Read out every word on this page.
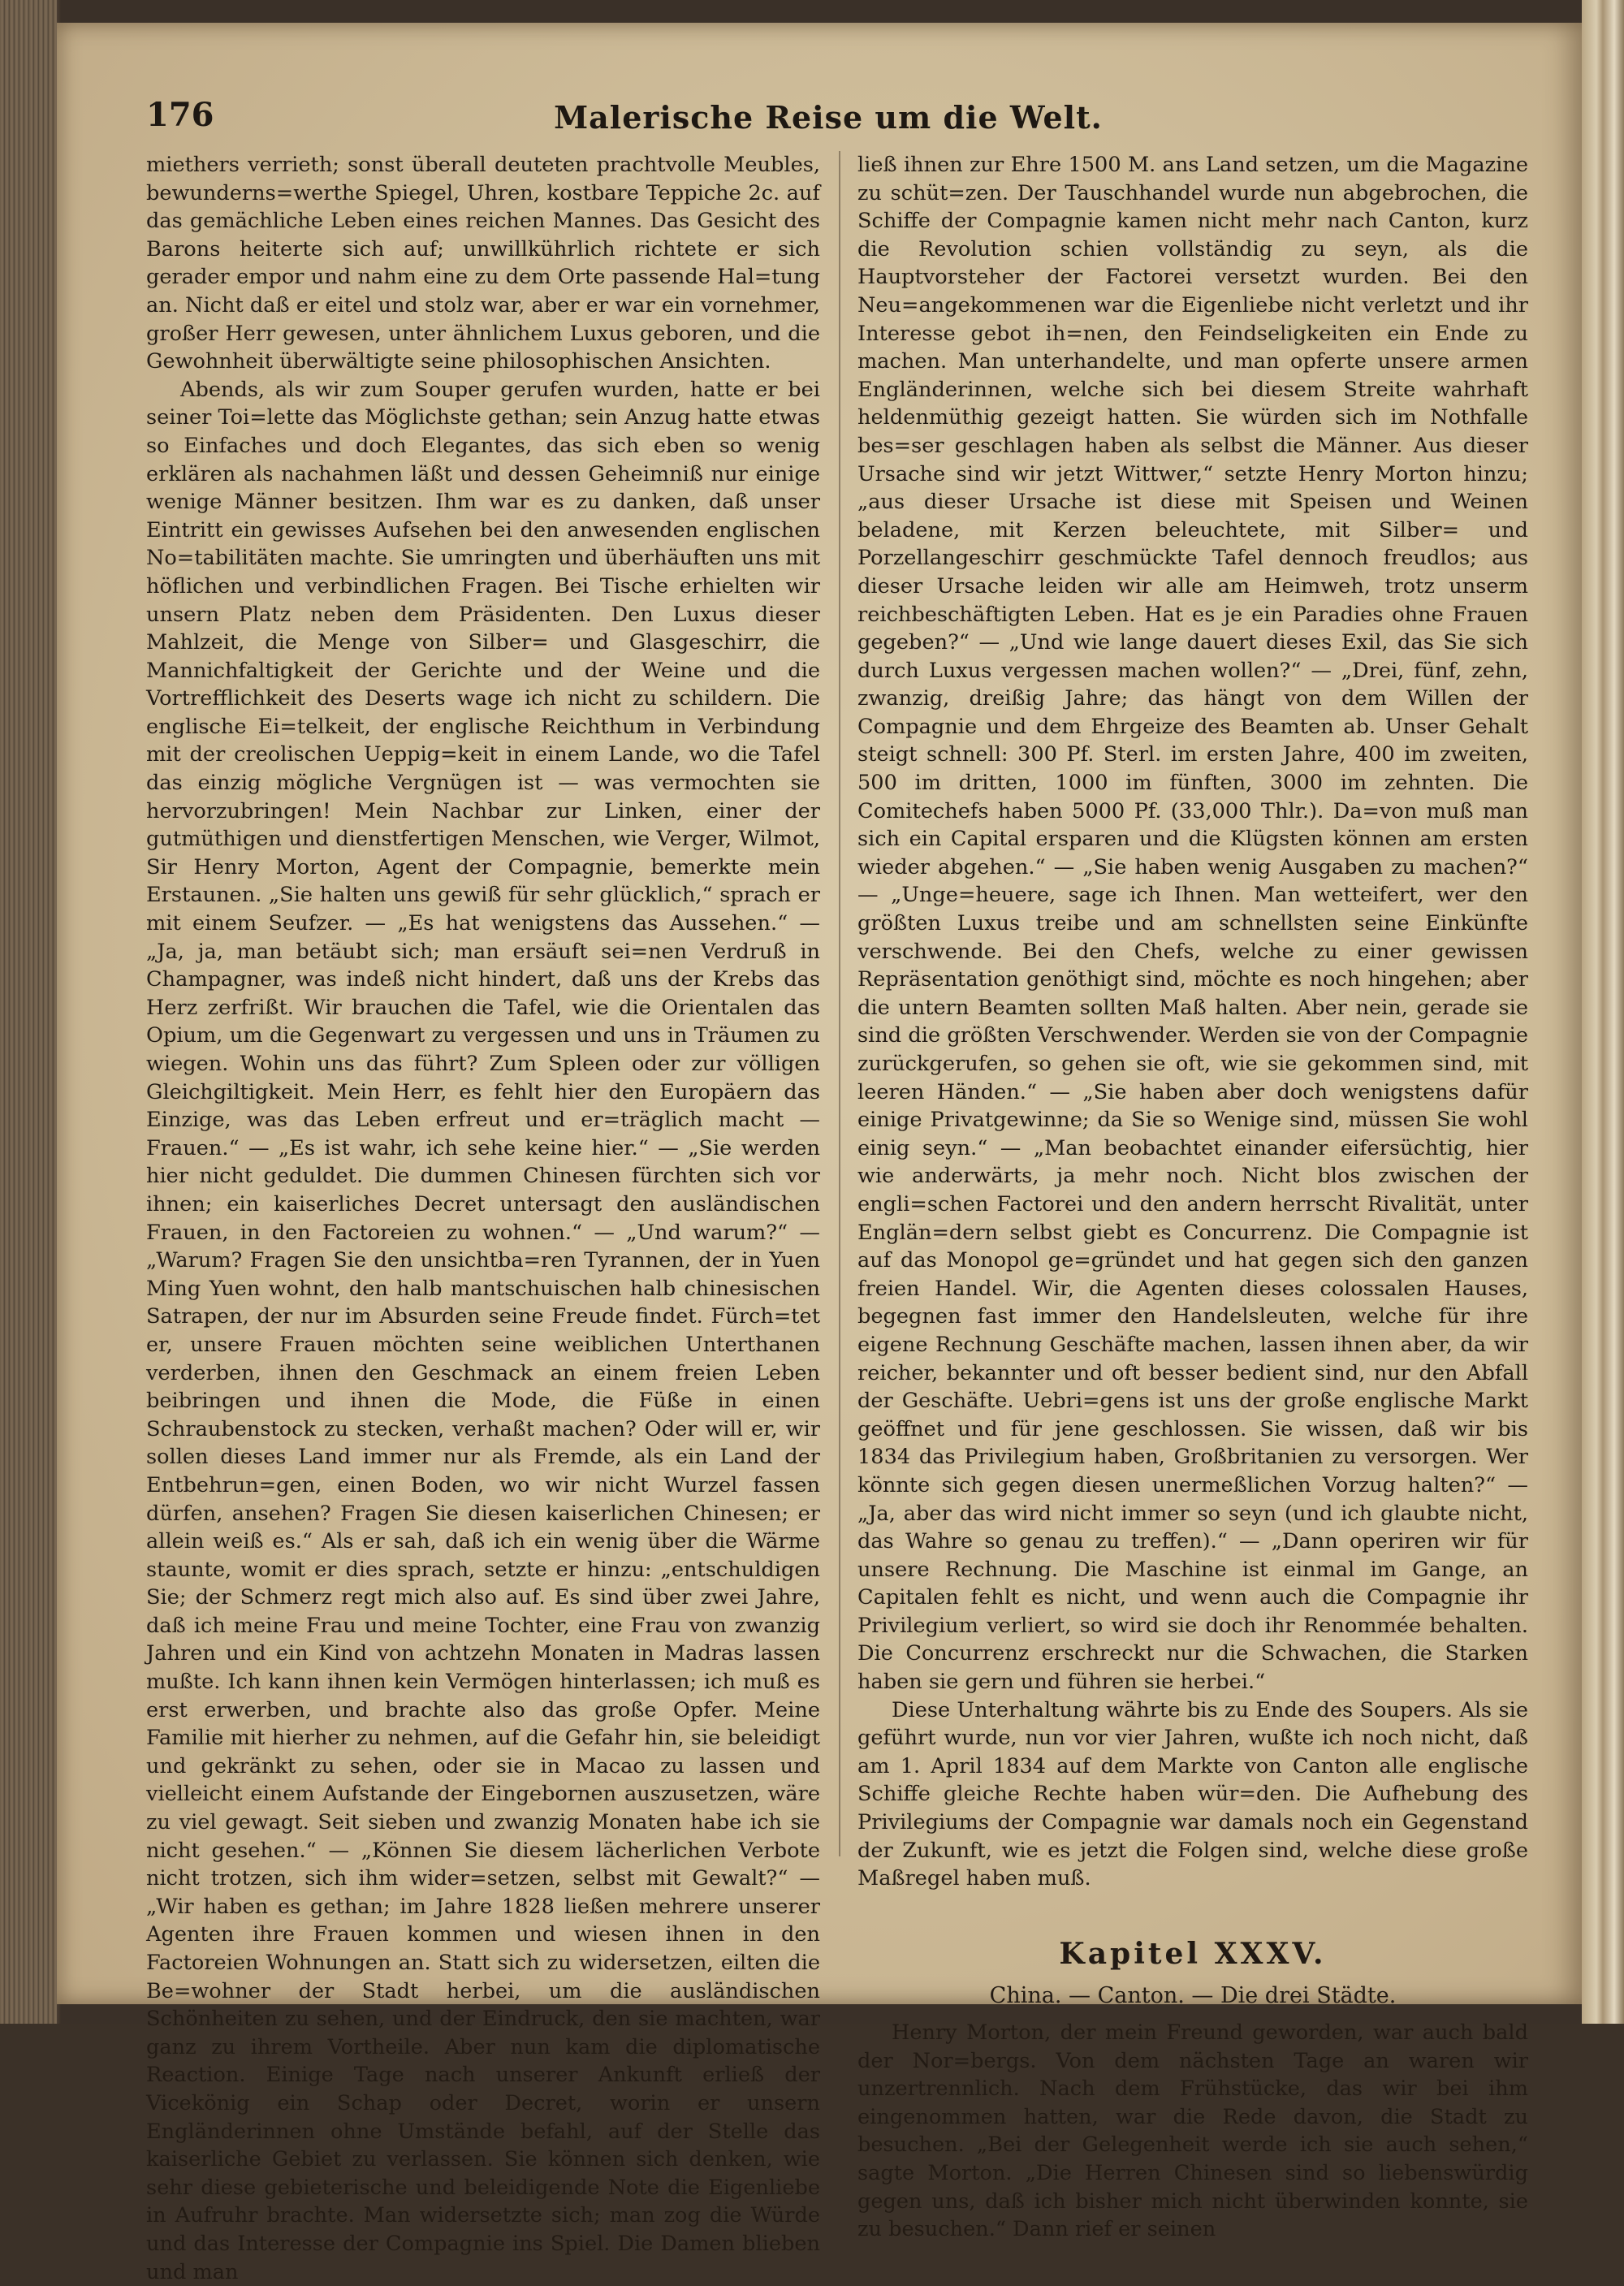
176	Malerische Reise um die Welt.

miethers verrieth; sonst überall deuteten prachtvolle Meubles, bewunderns=werthe Spiegel, Uhren, kostbare Teppiche 2c. auf das gemächliche Leben eines reichen Mannes. Das Gesicht des Barons heiterte sich auf; unwillkührlich richtete er sich gerader empor und nahm eine zu dem Orte passende Hal=tung an. Nicht daß er eitel und stolz war, aber er war ein vornehmer, großer Herr gewesen, unter ähnlichem Luxus geboren, und die Gewohnheit überwältigte seine philosophischen Ansichten.

Abends, als wir zum Souper gerufen wurden, hatte er bei seiner Toi=lette das Möglichste gethan; sein Anzug hatte etwas so Einfaches und doch Elegantes, das sich eben so wenig erklären als nachahmen läßt und dessen Geheimniß nur einige wenige Männer besitzen. Ihm war es zu danken, daß unser Eintritt ein gewisses Aufsehen bei den anwesenden englischen No=tabilitäten machte. Sie umringten und überhäuften uns mit höflichen und verbindlichen Fragen. Bei Tische erhielten wir unsern Platz neben dem Präsidenten. Den Luxus dieser Mahlzeit, die Menge von Silber= und Glasgeschirr, die Mannichfaltigkeit der Gerichte und der Weine und die Vortrefflichkeit des Deserts wage ich nicht zu schildern. Die englische Ei=telkeit, der englische Reichthum in Verbindung mit der creolischen Ueppig=keit in einem Lande, wo die Tafel das einzig mögliche Vergnügen ist — was vermochten sie hervorzubringen! Mein Nachbar zur Linken, einer der gutmüthigen und dienstfertigen Menschen, wie Verger, Wilmot, Sir Henry Morton, Agent der Compagnie, bemerkte mein Erstaunen. „Sie halten uns gewiß für sehr glücklich,“ sprach er mit einem Seufzer. — „Es hat wenigstens das Aussehen.“ — „Ja, ja, man betäubt sich; man ersäuft sei=nen Verdruß in Champagner, was indeß nicht hindert, daß uns der Krebs das Herz zerfrißt. Wir brauchen die Tafel, wie die Orientalen das Opium, um die Gegenwart zu vergessen und uns in Träumen zu wiegen. Wohin uns das führt? Zum Spleen oder zur völligen Gleichgiltigkeit. Mein Herr, es fehlt hier den Europäern das Einzige, was das Leben erfreut und er=träglich macht — Frauen.“ — „Es ist wahr, ich sehe keine hier.“ — „Sie werden hier nicht geduldet. Die dummen Chinesen fürchten sich vor ihnen; ein kaiserliches Decret untersagt den ausländischen Frauen, in den Factoreien zu wohnen.“ — „Und warum?“ — „Warum? Fragen Sie den unsichtba=ren Tyrannen, der in Yuen Ming Yuen wohnt, den halb mantschuischen halb chinesischen Satrapen, der nur im Absurden seine Freude findet. Fürch=tet er, unsere Frauen möchten seine weiblichen Unterthanen verderben, ihnen den Geschmack an einem freien Leben beibringen und ihnen die Mode, die Füße in einen Schraubenstock zu stecken, verhaßt machen? Oder will er, wir sollen dieses Land immer nur als Fremde, als ein Land der Entbehrun=gen, einen Boden, wo wir nicht Wurzel fassen dürfen, ansehen? Fragen Sie diesen kaiserlichen Chinesen; er allein weiß es.“ Als er sah, daß ich ein wenig über die Wärme staunte, womit er dies sprach, setzte er hinzu: „entschuldigen Sie; der Schmerz regt mich also auf. Es sind über zwei Jahre, daß ich meine Frau und meine Tochter, eine Frau von zwanzig Jahren und ein Kind von achtzehn Monaten in Madras lassen mußte. Ich kann ihnen kein Vermögen hinterlassen; ich muß es erst erwerben, und brachte also das große Opfer. Meine Familie mit hierher zu nehmen, auf die Gefahr hin, sie beleidigt und gekränkt zu sehen, oder sie in Macao zu lassen und vielleicht einem Aufstande der Eingebornen auszusetzen, wäre zu viel gewagt. Seit sieben und zwanzig Monaten habe ich sie nicht gesehen.“ — „Können Sie diesem lächerlichen Verbote nicht trotzen, sich ihm wider=setzen, selbst mit Gewalt?“ — „Wir haben es gethan; im Jahre 1828 ließen mehrere unserer Agenten ihre Frauen kommen und wiesen ihnen in den Factoreien Wohnungen an. Statt sich zu widersetzen, eilten die Be=wohner der Stadt herbei, um die ausländischen Schönheiten zu sehen, und der Eindruck, den sie machten, war ganz zu ihrem Vortheile. Aber nun kam die diplomatische Reaction. Einige Tage nach unserer Ankunft erließ der Vicekönig ein Schap oder Decret, worin er unsern Engländerinnen ohne Umstände befahl, auf der Stelle das kaiserliche Gebiet zu verlassen. Sie können sich denken, wie sehr diese gebieterische und beleidigende Note die Eigenliebe in Aufruhr brachte. Man widersetzte sich; man zog die Würde und das Interesse der Compagnie ins Spiel. Die Damen blieben und man

ließ ihnen zur Ehre 1500 M. ans Land setzen, um die Magazine zu schüt=zen. Der Tauschhandel wurde nun abgebrochen, die Schiffe der Compagnie kamen nicht mehr nach Canton, kurz die Revolution schien vollständig zu seyn, als die Hauptvorsteher der Factorei versetzt wurden. Bei den Neu=angekommenen war die Eigenliebe nicht verletzt und ihr Interesse gebot ih=nen, den Feindseligkeiten ein Ende zu machen. Man unterhandelte, und man opferte unsere armen Engländerinnen, welche sich bei diesem Streite wahrhaft heldenmüthig gezeigt hatten. Sie würden sich im Nothfalle bes=ser geschlagen haben als selbst die Männer. Aus dieser Ursache sind wir jetzt Wittwer,“ setzte Henry Morton hinzu; „aus dieser Ursache ist diese mit Speisen und Weinen beladene, mit Kerzen beleuchtete, mit Silber= und Porzellangeschirr geschmückte Tafel dennoch freudlos; aus dieser Ursache leiden wir alle am Heimweh, trotz unserm reichbeschäftigten Leben. Hat es je ein Paradies ohne Frauen gegeben?“ — „Und wie lange dauert dieses Exil, das Sie sich durch Luxus vergessen machen wollen?“ — „Drei, fünf, zehn, zwanzig, dreißig Jahre; das hängt von dem Willen der Compagnie und dem Ehrgeize des Beamten ab. Unser Gehalt steigt schnell: 300 Pf. Sterl. im ersten Jahre, 400 im zweiten, 500 im dritten, 1000 im fünften, 3000 im zehnten. Die Comitechefs haben 5000 Pf. (33,000 Thlr.). Da=von muß man sich ein Capital ersparen und die Klügsten können am ersten wieder abgehen.“ — „Sie haben wenig Ausgaben zu machen?“ — „Unge=heuere, sage ich Ihnen. Man wetteifert, wer den größten Luxus treibe und am schnellsten seine Einkünfte verschwende. Bei den Chefs, welche zu einer gewissen Repräsentation genöthigt sind, möchte es noch hingehen; aber die untern Beamten sollten Maß halten. Aber nein, gerade sie sind die größten Verschwender. Werden sie von der Compagnie zurückgerufen, so gehen sie oft, wie sie gekommen sind, mit leeren Händen.“ — „Sie haben aber doch wenigstens dafür einige Privatgewinne; da Sie so Wenige sind, müssen Sie wohl einig seyn.“ — „Man beobachtet einander eifersüchtig, hier wie anderwärts, ja mehr noch. Nicht blos zwischen der engli=schen Factorei und den andern herrscht Rivalität, unter Englän=dern selbst giebt es Concurrenz. Die Compagnie ist auf das Monopol ge=gründet und hat gegen sich den ganzen freien Handel. Wir, die Agenten dieses colossalen Hauses, begegnen fast immer den Handelsleuten, welche für ihre eigene Rechnung Geschäfte machen, lassen ihnen aber, da wir reicher, bekannter und oft besser bedient sind, nur den Abfall der Geschäfte. Uebri=gens ist uns der große englische Markt geöffnet und für jene geschlossen. Sie wissen, daß wir bis 1834 das Privilegium haben, Großbritanien zu versorgen. Wer könnte sich gegen diesen unermeßlichen Vorzug halten?“ — „Ja, aber das wird nicht immer so seyn (und ich glaubte nicht, das Wahre so genau zu treffen).“ — „Dann operiren wir für unsere Rechnung. Die Maschine ist einmal im Gange, an Capitalen fehlt es nicht, und wenn auch die Compagnie ihr Privilegium verliert, so wird sie doch ihr Renommée behalten. Die Concurrenz erschreckt nur die Schwachen, die Starken haben sie gern und führen sie herbei.“

Diese Unterhaltung währte bis zu Ende des Soupers. Als sie geführt wurde, nun vor vier Jahren, wußte ich noch nicht, daß am 1. April 1834 auf dem Markte von Canton alle englische Schiffe gleiche Rechte haben wür=den. Die Aufhebung des Privilegiums der Compagnie war damals noch ein Gegenstand der Zukunft, wie es jetzt die Folgen sind, welche diese große Maßregel haben muß.

Kapitel XXXV.
China. — Canton. — Die drei Städte.

Henry Morton, der mein Freund geworden, war auch bald der Nor=bergs. Von dem nächsten Tage an waren wir unzertrennlich. Nach dem Frühstücke, das wir bei ihm eingenommen hatten, war die Rede davon, die Stadt zu besuchen. „Bei der Gelegenheit werde ich sie auch sehen,“ sagte Morton. „Die Herren Chinesen sind so liebenswürdig gegen uns, daß ich bisher mich nicht überwinden konnte, sie zu besuchen.“ Dann rief er seinen
